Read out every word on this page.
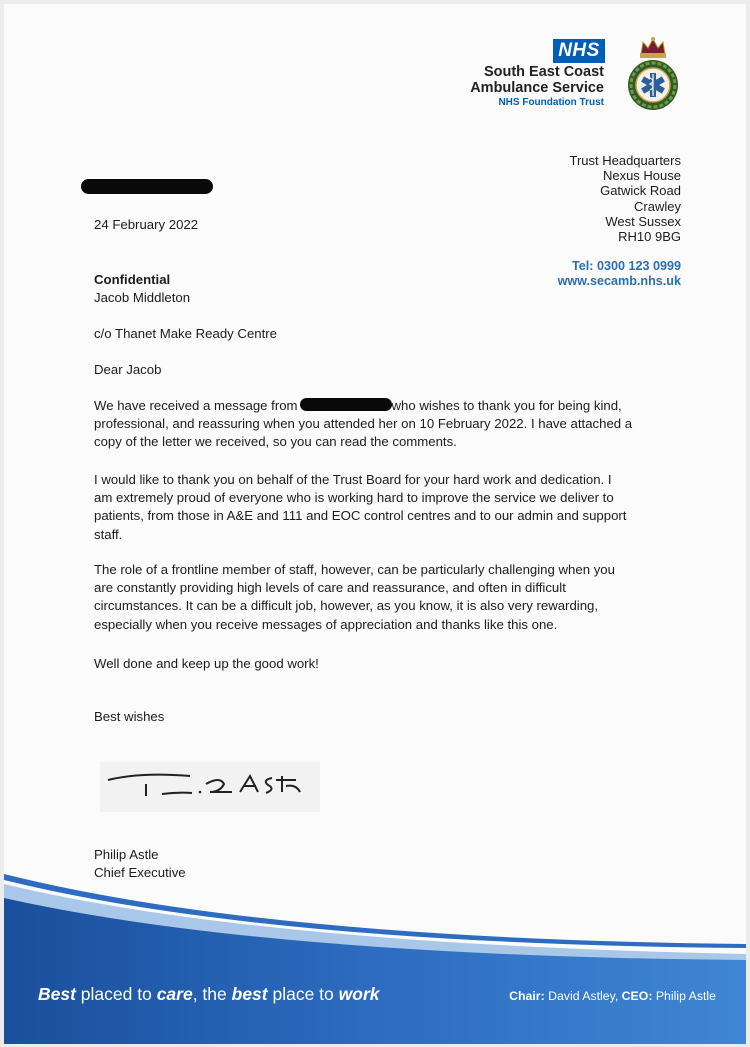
NHS
South East Coast
Ambulance Service
NHS Foundation Trust
Trust Headquarters
Nexus House
Gatwick Road
Crawley
West Sussex
RH10 9BG
Tel: 0300 123 0999
www.secamb.nhs.uk
24 February 2022
Confidential
Jacob Middleton
c/o Thanet Make Ready Centre
Dear Jacob
We have received a message from	who wishes to thank you for being kind,
professional, and reassuring when you attended her on 10 February 2022. I have attached a
copy of the letter we received, so you can read the comments.
I would like to thank you on behalf of the Trust Board for your hard work and dedication. I
am extremely proud of everyone who is working hard to improve the service we deliver to
patients, from those in A&E and 111 and EOC control centres and to our admin and support
staff.
The role of a frontline member of staff, however, can be particularly challenging when you
are constantly providing high levels of care and reassurance, and often in difficult
circumstances. It can be a difficult job, however, as you know, it is also very rewarding,
especially when you receive messages of appreciation and thanks like this one.
Well done and keep up the good work!
Best wishes
Philip Astle
Chief Executive
Best placed to care, the best place to work	Chair: David Astley, CEO: Philip Astle
